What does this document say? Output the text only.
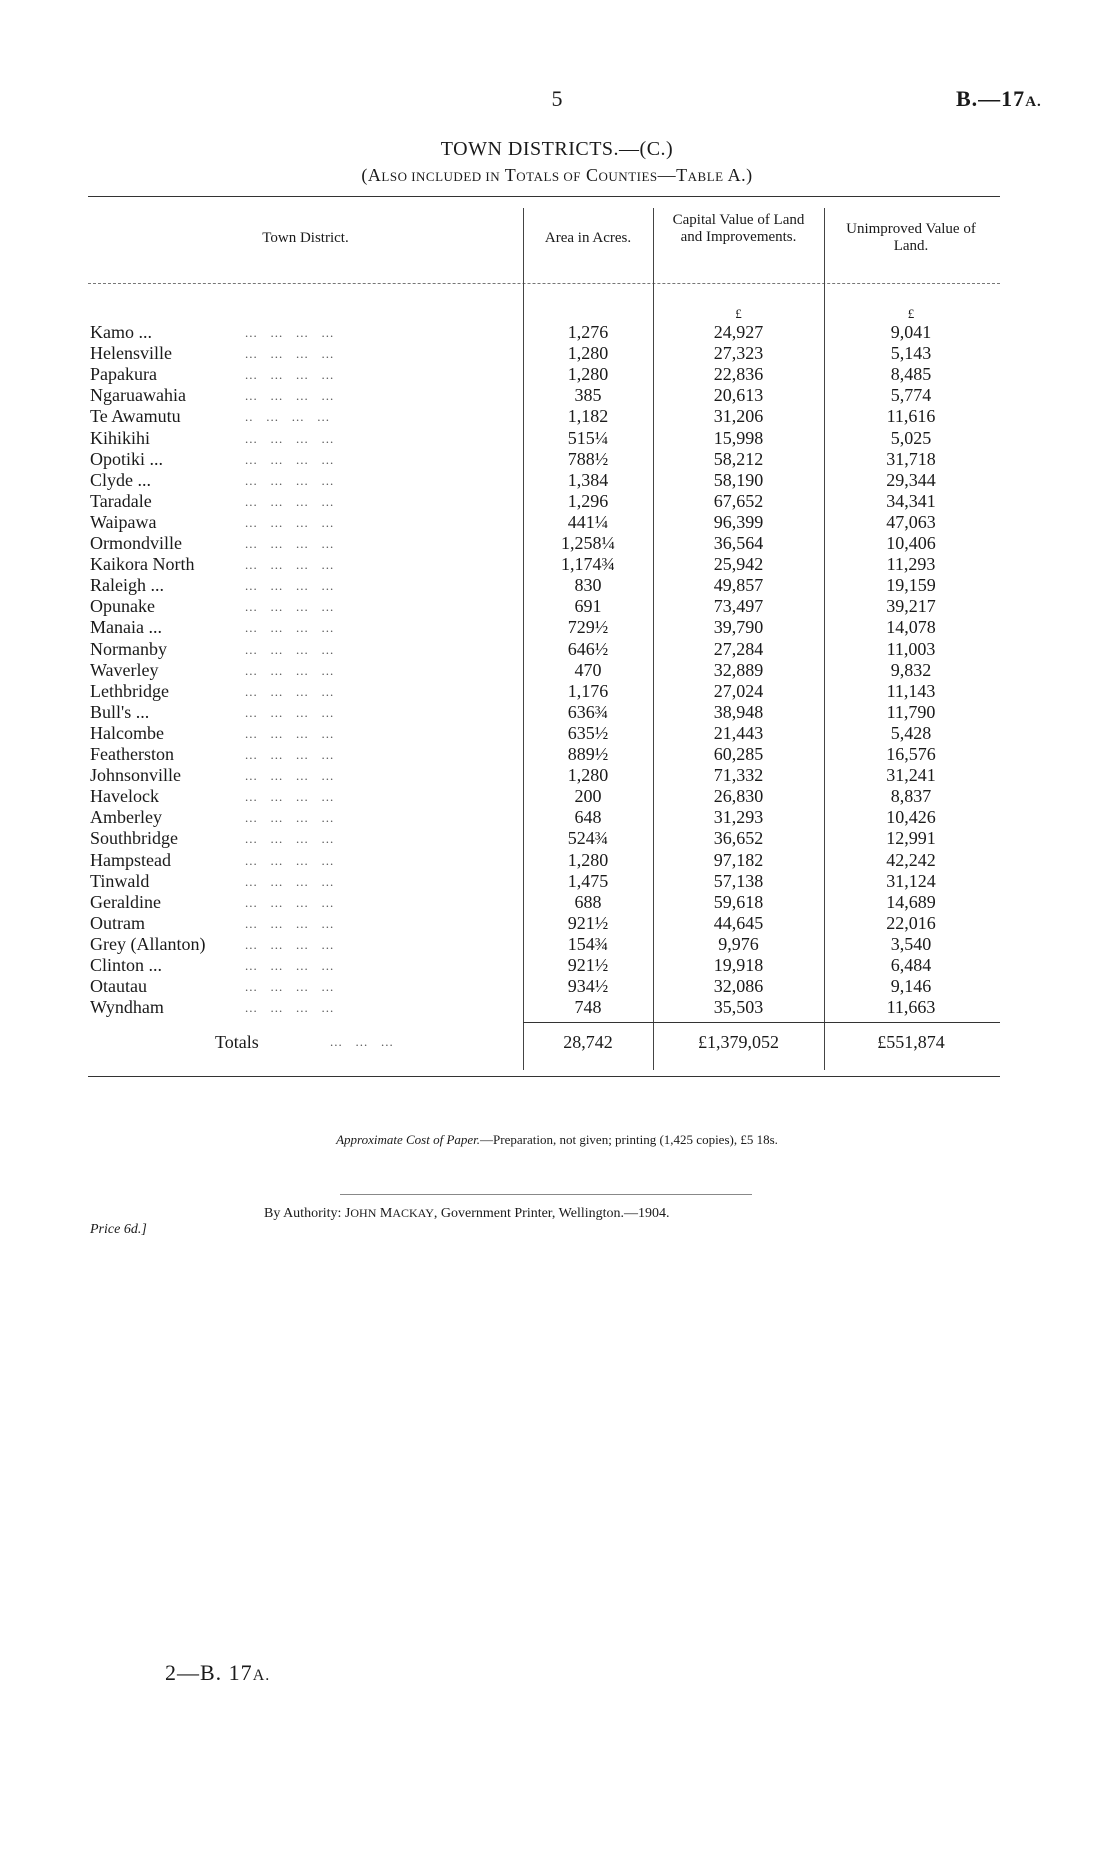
5	B.—17A.
TOWN DISTRICTS.—(C.)
(ALSO INCLUDED IN TOTALS OF COUNTIES—TABLE A.)
Town District.	Area in Acres.
Capital Value of Land and Improvements.	Unimproved Value of Land.
£	£
Kamo ...	...   ...   ...   ...	1,276	24,927	9,041
Helensville	...   ...   ...   ...	1,280	27,323	5,143
Papakura	...   ...   ...   ...	1,280	22,836	8,485
Ngaruawahia	...   ...   ...   ...	385	20,613	5,774
Te Awamutu	..   ...   ...   ...	1,182	31,206	11,616
Kihikihi	...   ...   ...   ...	515¼	15,998	5,025
Opotiki ...	...   ...   ...   ...	788½	58,212	31,718
Clyde ...	...   ...   ...   ...	1,384	58,190	29,344
Taradale	...   ...   ...   ...	1,296	67,652	34,341
Waipawa	...   ...   ...   ...	441¼	96,399	47,063
Ormondville	...   ...   ...   ...	1,258¼	36,564	10,406
Kaikora North	...   ...   ...   ...	1,174¾	25,942	11,293
Raleigh ...	...   ...   ...   ...	830	49,857	19,159
Opunake	...   ...   ...   ...	691	73,497	39,217
Manaia ...	...   ...   ...   ...	729½	39,790	14,078
Normanby	...   ...   ...   ...	646½	27,284	11,003
Waverley	...   ...   ...   ...	470	32,889	9,832
Lethbridge	...   ...   ...   ...	1,176	27,024	11,143
Bull's ...	...   ...   ...   ...	636¾	38,948	11,790
Halcombe	...   ...   ...   ...	635½	21,443	5,428
Featherston	...   ...   ...   ...	889½	60,285	16,576
Johnsonville	...   ...   ...   ...	1,280	71,332	31,241
Havelock	...   ...   ...   ...	200	26,830	8,837
Amberley	...   ...   ...   ...	648	31,293	10,426
Southbridge	...   ...   ...   ...	524¾	36,652	12,991
Hampstead	...   ...   ...   ...	1,280	97,182	42,242
Tinwald	...   ...   ...   ...	1,475	57,138	31,124
Geraldine	...   ...   ...   ...	688	59,618	14,689
Outram	...   ...   ...   ...	921½	44,645	22,016
Grey (Allanton)	...   ...   ...   ...	154¾	9,976	3,540
Clinton ...	...   ...   ...   ...	921½	19,918	6,484
Otautau	...   ...   ...   ...	934½	32,086	9,146
Wyndham	...   ...   ...   ...	748	35,503	11,663
Totals	...   ...   ...	28,742	£1,379,052	£551,874
Approximate Cost of Paper.—Preparation, not given; printing (1,425 copies), £5 18s.
By Authority: JOHN MACKAY, Government Printer, Wellington.—1904.
Price 6d.]
2—B. 17A.
